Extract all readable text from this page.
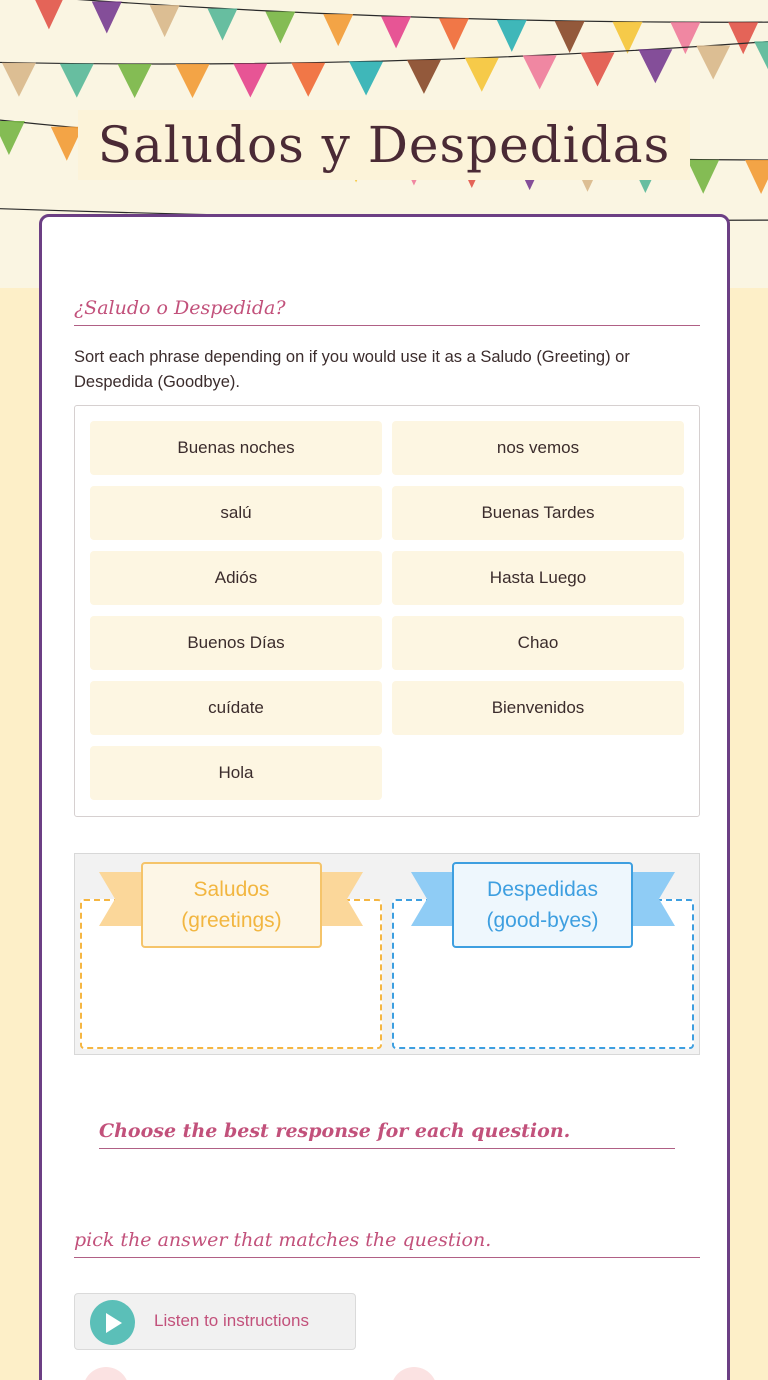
Saludos y Despedidas
¿Saludo o Despedida?
Sort each phrase depending on if you would use it as a Saludo (Greeting) or Despedida (Goodbye).
Buenas noches	nos vemos
salú	Buenas Tardes
Adiós	Hasta Luego
Buenos Días	Chao
cuídate	Bienvenidos
Hola
Saludos (greetings)
Despedidas (good-byes)
Choose the best response for each question.
pick the answer that matches the question.
Listen to instructions
